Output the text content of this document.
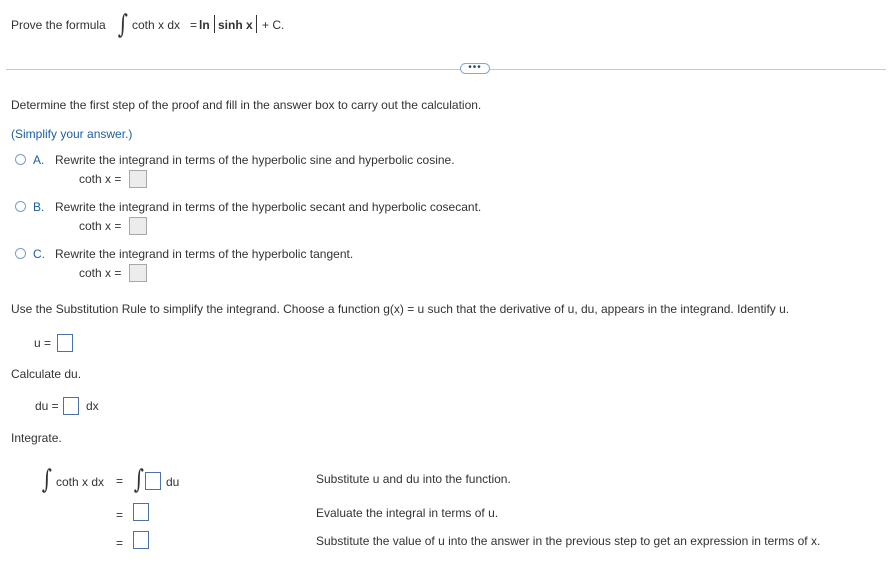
Prove the formula ∫ coth x dx = ln sinh x + C.
•••
Determine the first step of the proof and fill in the answer box to carry out the calculation.
(Simplify your answer.)
A. Rewrite the integrand in terms of the hyperbolic sine and hyperbolic cosine.
coth x =
B. Rewrite the integrand in terms of the hyperbolic secant and hyperbolic cosecant.
coth x =
C. Rewrite the integrand in terms of the hyperbolic tangent.
coth x =
Use the Substitution Rule to simplify the integrand. Choose a function g(x) = u such that the derivative of u, du, appears in the integrand. Identify u.
u =
Calculate du.
du = dx
Integrate.
∫ coth x dx = ∫ du
=
=
Substitute u and du into the function.
Evaluate the integral in terms of u.
Substitute the value of u into the answer in the previous step to get an expression in terms of x.
